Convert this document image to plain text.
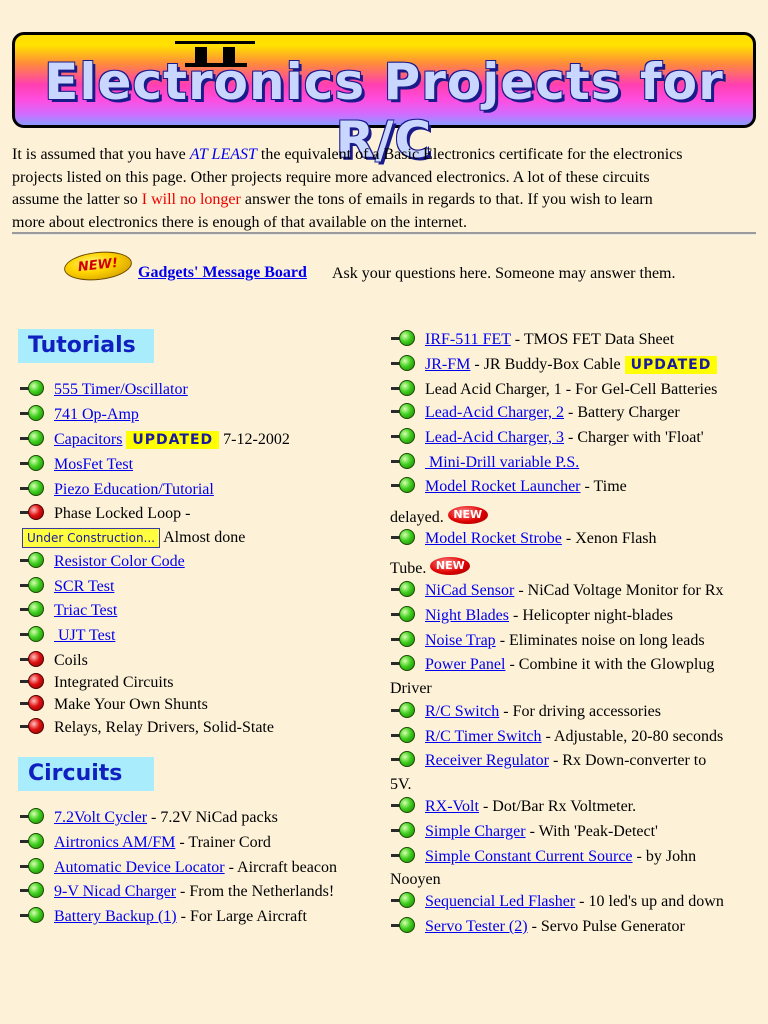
Electronics Projects for R/C
It is assumed that you have AT LEAST the equivalent of a Basic Electronics certificate for the electronics
projects listed on this page. Other projects require more advanced electronics. A lot of these circuits
assume the latter so I will no longer answer the tons of emails in regards to that. If you wish to learn
more about electronics there is enough of that available on the internet.
NEW!	Gadgets' Message Board Ask your questions here. Someone may answer them.
Tutorials
555 Timer/Oscillator
741 Op-Amp
Capacitors UPDATED 7-12-2002
MosFet Test
Piezo Education/Tutorial
Phase Locked Loop -
Under Construction... Almost done
Resistor Color Code
SCR Test
Triac Test
UJT Test
Coils
Integrated Circuits
Make Your Own Shunts
Relays, Relay Drivers, Solid-State
Circuits
7.2Volt Cycler - 7.2V NiCad packs
Airtronics AM/FM - Trainer Cord
Automatic Device Locator - Aircraft beacon
9-V Nicad Charger - From the Netherlands!
Battery Backup (1) - For Large Aircraft
IRF-511 FET - TMOS FET Data Sheet
JR-FM - JR Buddy-Box Cable UPDATED
Lead Acid Charger, 1 - For Gel-Cell Batteries
Lead-Acid Charger, 2 - Battery Charger
Lead-Acid Charger, 3 - Charger with 'Float'
Mini-Drill variable P.S.
Model Rocket Launcher - Time
delayed. NEW
Model Rocket Strobe - Xenon Flash
Tube. NEW
NiCad Sensor - NiCad Voltage Monitor for Rx
Night Blades - Helicopter night-blades
Noise Trap - Eliminates noise on long leads
Power Panel - Combine it with the Glowplug
Driver
R/C Switch - For driving accessories
R/C Timer Switch - Adjustable, 20-80 seconds
Receiver Regulator - Rx Down-converter to
5V.
RX-Volt - Dot/Bar Rx Voltmeter.
Simple Charger - With 'Peak-Detect'
Simple Constant Current Source - by John
Nooyen
Sequencial Led Flasher - 10 led's up and down
Servo Tester (2) - Servo Pulse Generator
